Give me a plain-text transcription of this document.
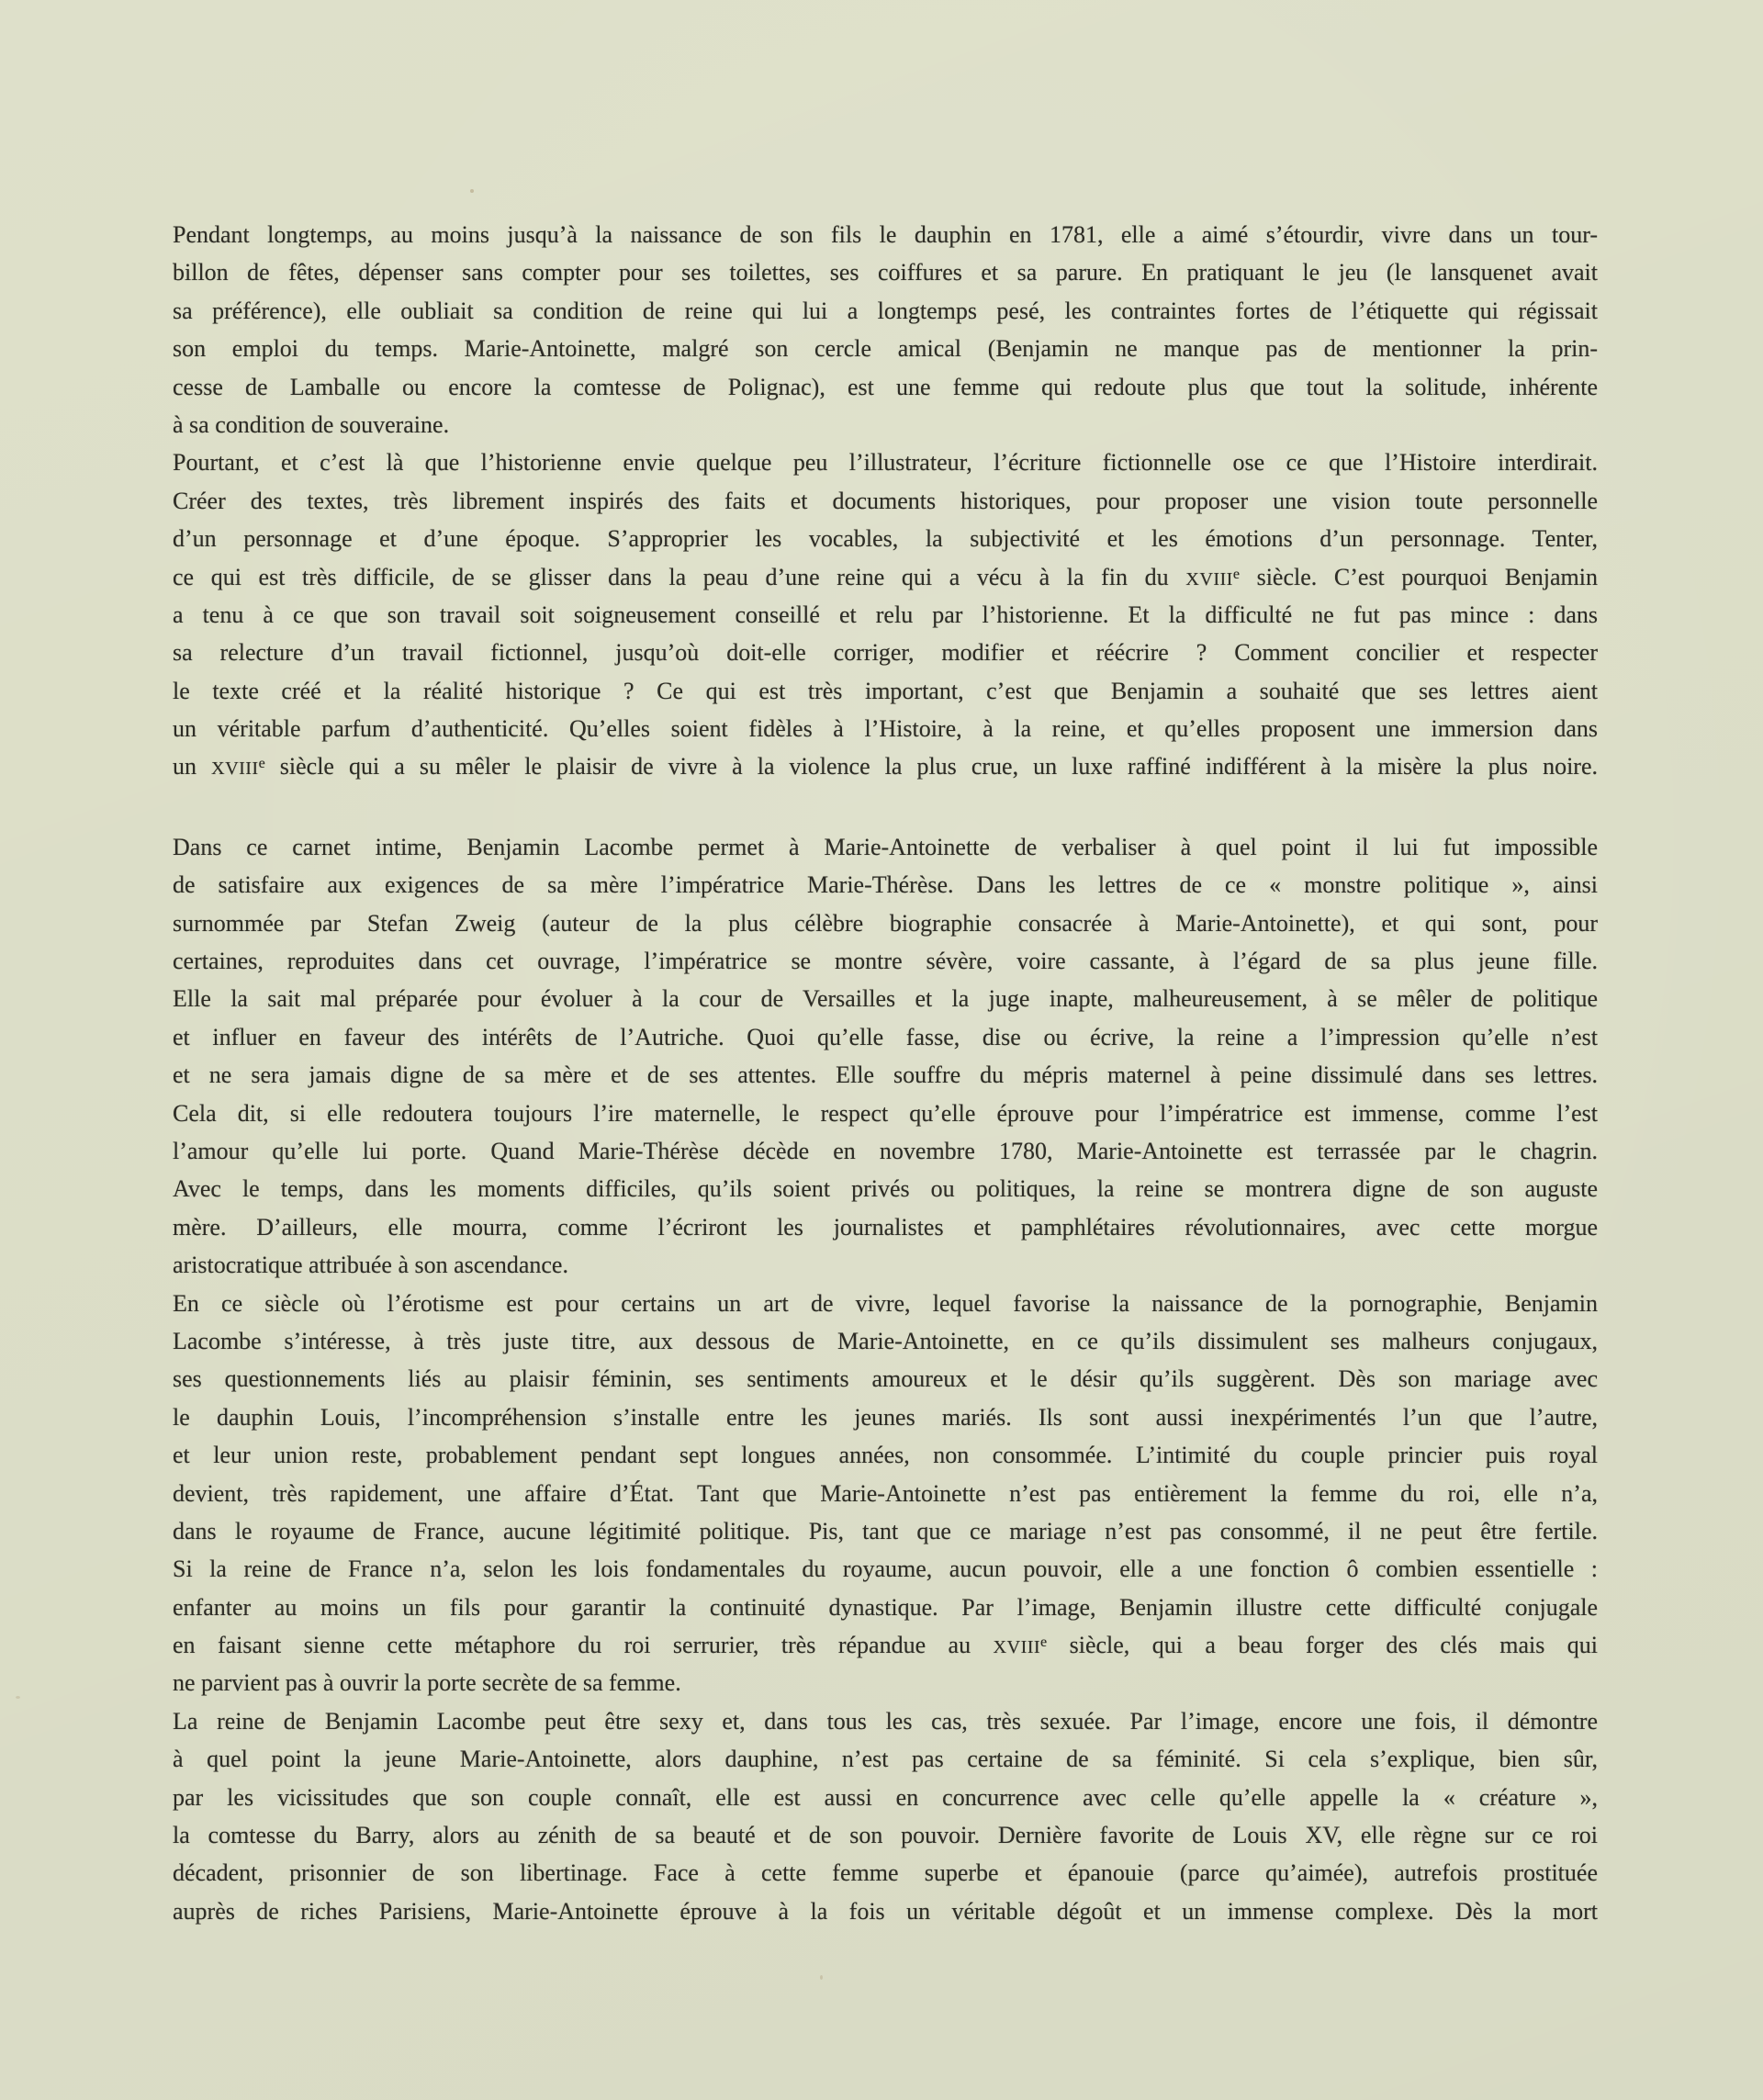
Pendant longtemps, au moins jusqu’à la naissance de son fils le dauphin en 1781, elle a aimé s’étourdir, vivre dans un tour-
billon de fêtes, dépenser sans compter pour ses toilettes, ses coiffures et sa parure. En pratiquant le jeu (le lansquenet avait
sa préférence), elle oubliait sa condition de reine qui lui a longtemps pesé, les contraintes fortes de l’étiquette qui régissait
son emploi du temps. Marie-Antoinette, malgré son cercle amical (Benjamin ne manque pas de mentionner la prin-
cesse de Lamballe ou encore la comtesse de Polignac), est une femme qui redoute plus que tout la solitude, inhérente
à sa condition de souveraine.

Pourtant, et c’est là que l’historienne envie quelque peu l’illustrateur, l’écriture fictionnelle ose ce que l’Histoire interdirait.
Créer des textes, très librement inspirés des faits et documents historiques, pour proposer une vision toute personnelle
d’un personnage et d’une époque. S’approprier les vocables, la subjectivité et les émotions d’un personnage. Tenter,
ce qui est très difficile, de se glisser dans la peau d’une reine qui a vécu à la fin du XVIIIe siècle. C’est pourquoi Benjamin
a tenu à ce que son travail soit soigneusement conseillé et relu par l’historienne. Et la difficulté ne fut pas mince : dans
sa relecture d’un travail fictionnel, jusqu’où doit-elle corriger, modifier et réécrire ? Comment concilier et respecter
le texte créé et la réalité historique ? Ce qui est très important, c’est que Benjamin a souhaité que ses lettres aient
un véritable parfum d’authenticité. Qu’elles soient fidèles à l’Histoire, à la reine, et qu’elles proposent une immersion dans
un XVIIIe siècle qui a su mêler le plaisir de vivre à la violence la plus crue, un luxe raffiné indifférent à la misère la plus noire.

Dans ce carnet intime, Benjamin Lacombe permet à Marie-Antoinette de verbaliser à quel point il lui fut impossible
de satisfaire aux exigences de sa mère l’impératrice Marie-Thérèse. Dans les lettres de ce « monstre politique », ainsi
surnommée par Stefan Zweig (auteur de la plus célèbre biographie consacrée à Marie-Antoinette), et qui sont, pour
certaines, reproduites dans cet ouvrage, l’impératrice se montre sévère, voire cassante, à l’égard de sa plus jeune fille.
Elle la sait mal préparée pour évoluer à la cour de Versailles et la juge inapte, malheureusement, à se mêler de politique
et influer en faveur des intérêts de l’Autriche. Quoi qu’elle fasse, dise ou écrive, la reine a l’impression qu’elle n’est
et ne sera jamais digne de sa mère et de ses attentes. Elle souffre du mépris maternel à peine dissimulé dans ses lettres.
Cela dit, si elle redoutera toujours l’ire maternelle, le respect qu’elle éprouve pour l’impératrice est immense, comme l’est
l’amour qu’elle lui porte. Quand Marie-Thérèse décède en novembre 1780, Marie-Antoinette est terrassée par le chagrin.
Avec le temps, dans les moments difficiles, qu’ils soient privés ou politiques, la reine se montrera digne de son auguste
mère. D’ailleurs, elle mourra, comme l’écriront les journalistes et pamphlétaires révolutionnaires, avec cette morgue
aristocratique attribuée à son ascendance.

En ce siècle où l’érotisme est pour certains un art de vivre, lequel favorise la naissance de la pornographie, Benjamin
Lacombe s’intéresse, à très juste titre, aux dessous de Marie-Antoinette, en ce qu’ils dissimulent ses malheurs conjugaux,
ses questionnements liés au plaisir féminin, ses sentiments amoureux et le désir qu’ils suggèrent. Dès son mariage avec
le dauphin Louis, l’incompréhension s’installe entre les jeunes mariés. Ils sont aussi inexpérimentés l’un que l’autre,
et leur union reste, probablement pendant sept longues années, non consommée. L’intimité du couple princier puis royal
devient, très rapidement, une affaire d’État. Tant que Marie-Antoinette n’est pas entièrement la femme du roi, elle n’a,
dans le royaume de France, aucune légitimité politique. Pis, tant que ce mariage n’est pas consommé, il ne peut être fertile.
Si la reine de France n’a, selon les lois fondamentales du royaume, aucun pouvoir, elle a une fonction ô combien essentielle :
enfanter au moins un fils pour garantir la continuité dynastique. Par l’image, Benjamin illustre cette difficulté conjugale
en faisant sienne cette métaphore du roi serrurier, très répandue au XVIIIe siècle, qui a beau forger des clés mais qui
ne parvient pas à ouvrir la porte secrète de sa femme.

La reine de Benjamin Lacombe peut être sexy et, dans tous les cas, très sexuée. Par l’image, encore une fois, il démontre
à quel point la jeune Marie-Antoinette, alors dauphine, n’est pas certaine de sa féminité. Si cela s’explique, bien sûr,
par les vicissitudes que son couple connaît, elle est aussi en concurrence avec celle qu’elle appelle la « créature »,
la comtesse du Barry, alors au zénith de sa beauté et de son pouvoir. Dernière favorite de Louis XV, elle règne sur ce roi
décadent, prisonnier de son libertinage. Face à cette femme superbe et épanouie (parce qu’aimée), autrefois prostituée
auprès de riches Parisiens, Marie-Antoinette éprouve à la fois un véritable dégoût et un immense complexe. Dès la mort
